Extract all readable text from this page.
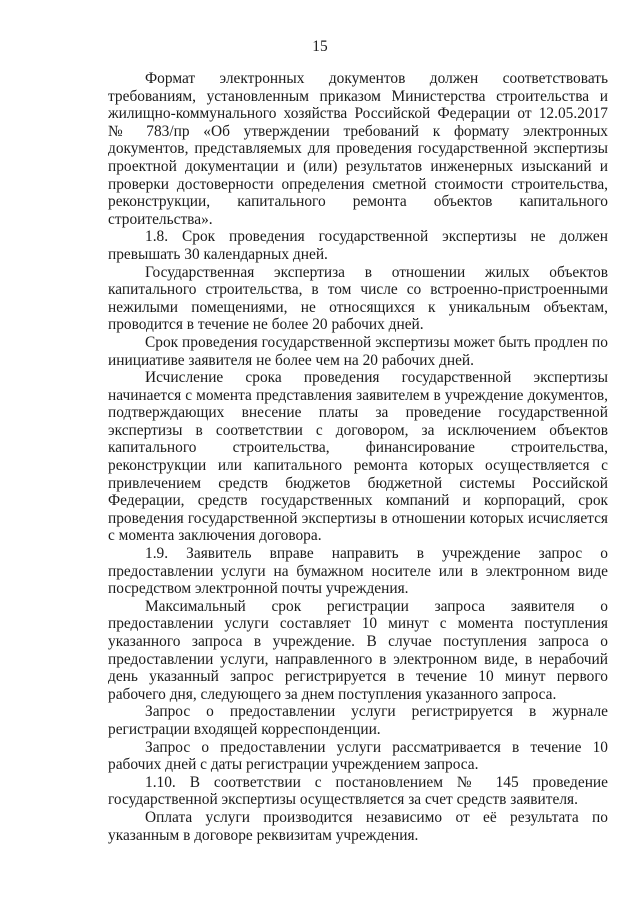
15

Формат электронных документов должен соответствовать требованиям, установленным приказом Министерства строительства и жилищно-коммунального хозяйства Российской Федерации от 12.05.2017 № 783/пр «Об утверждении требований к формату электронных документов, представляемых для проведения государственной экспертизы проектной документации и (или) результатов инженерных изысканий и проверки достоверности определения сметной стоимости строительства, реконструкции, капитального ремонта объектов капитального строительства».

1.8. Срок проведения государственной экспертизы не должен превышать 30 календарных дней.

Государственная экспертиза в отношении жилых объектов капитального строительства, в том числе со встроенно-пристроенными нежилыми помещениями, не относящихся к уникальным объектам, проводится в течение не более 20 рабочих дней.

Срок проведения государственной экспертизы может быть продлен по инициативе заявителя не более чем на 20 рабочих дней.

Исчисление срока проведения государственной экспертизы начинается с момента представления заявителем в учреждение документов, подтверждающих внесение платы за проведение государственной экспертизы в соответствии с договором, за исключением объектов капитального строительства, финансирование строительства, реконструкции или капитального ремонта которых осуществляется с привлечением средств бюджетов бюджетной системы Российской Федерации, средств государственных компаний и корпораций, срок проведения государственной экспертизы в отношении которых исчисляется с момента заключения договора.

1.9. Заявитель вправе направить в учреждение запрос о предоставлении услуги на бумажном носителе или в электронном виде посредством электронной почты учреждения.

Максимальный срок регистрации запроса заявителя о предоставлении услуги составляет 10 минут с момента поступления указанного запроса в учреждение. В случае поступления запроса о предоставлении услуги, направленного в электронном виде, в нерабочий день указанный запрос регистрируется в течение 10 минут первого рабочего дня, следующего за днем поступления указанного запроса.

Запрос о предоставлении услуги регистрируется в журнале регистрации входящей корреспонденции.

Запрос о предоставлении услуги рассматривается в течение 10 рабочих дней с даты регистрации учреждением запроса.

1.10. В соответствии с постановлением № 145 проведение государственной экспертизы осуществляется за счет средств заявителя.

Оплата услуги производится независимо от её результата по указанным в договоре реквизитам учреждения.
